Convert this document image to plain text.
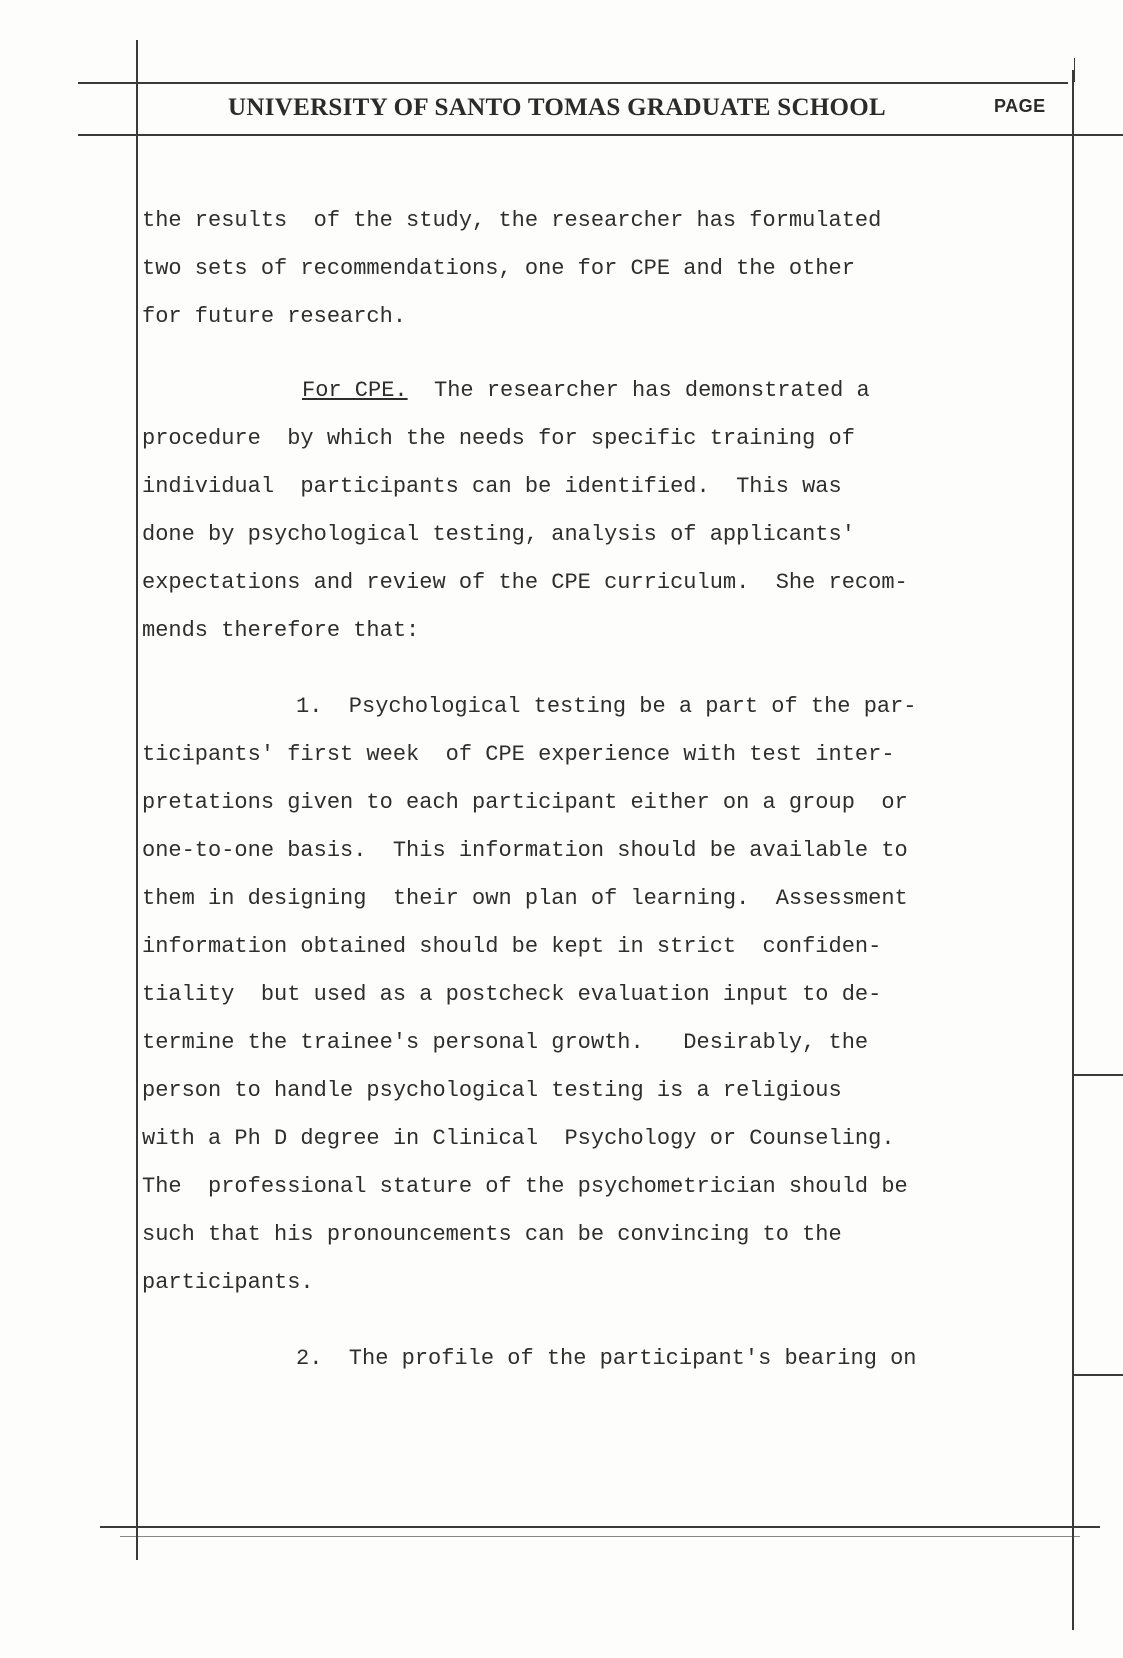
UNIVERSITY OF SANTO TOMAS GRADUATE SCHOOL	PAGE

the results  of the study, the researcher has formulated

two sets of recommendations, one for CPE and the other

for future research.

For CPE.  The researcher has demonstrated a

procedure  by which the needs for specific training of

individual  participants can be identified.  This was

done by psychological testing, analysis of applicants'

expectations and review of the CPE curriculum.  She recom-

mends therefore that:

1.  Psychological testing be a part of the par-

ticipants' first week  of CPE experience with test inter-

pretations given to each participant either on a group  or

one-to-one basis.  This information should be available to

them in designing  their own plan of learning.  Assessment

information obtained should be kept in strict  confiden-

tiality  but used as a postcheck evaluation input to de-

termine the trainee's personal growth.   Desirably, the

person to handle psychological testing is a religious

with a Ph D degree in Clinical  Psychology or Counseling.

The  professional stature of the psychometrician should be

such that his pronouncements can be convincing to the

participants.

2.  The profile of the participant's bearing on
